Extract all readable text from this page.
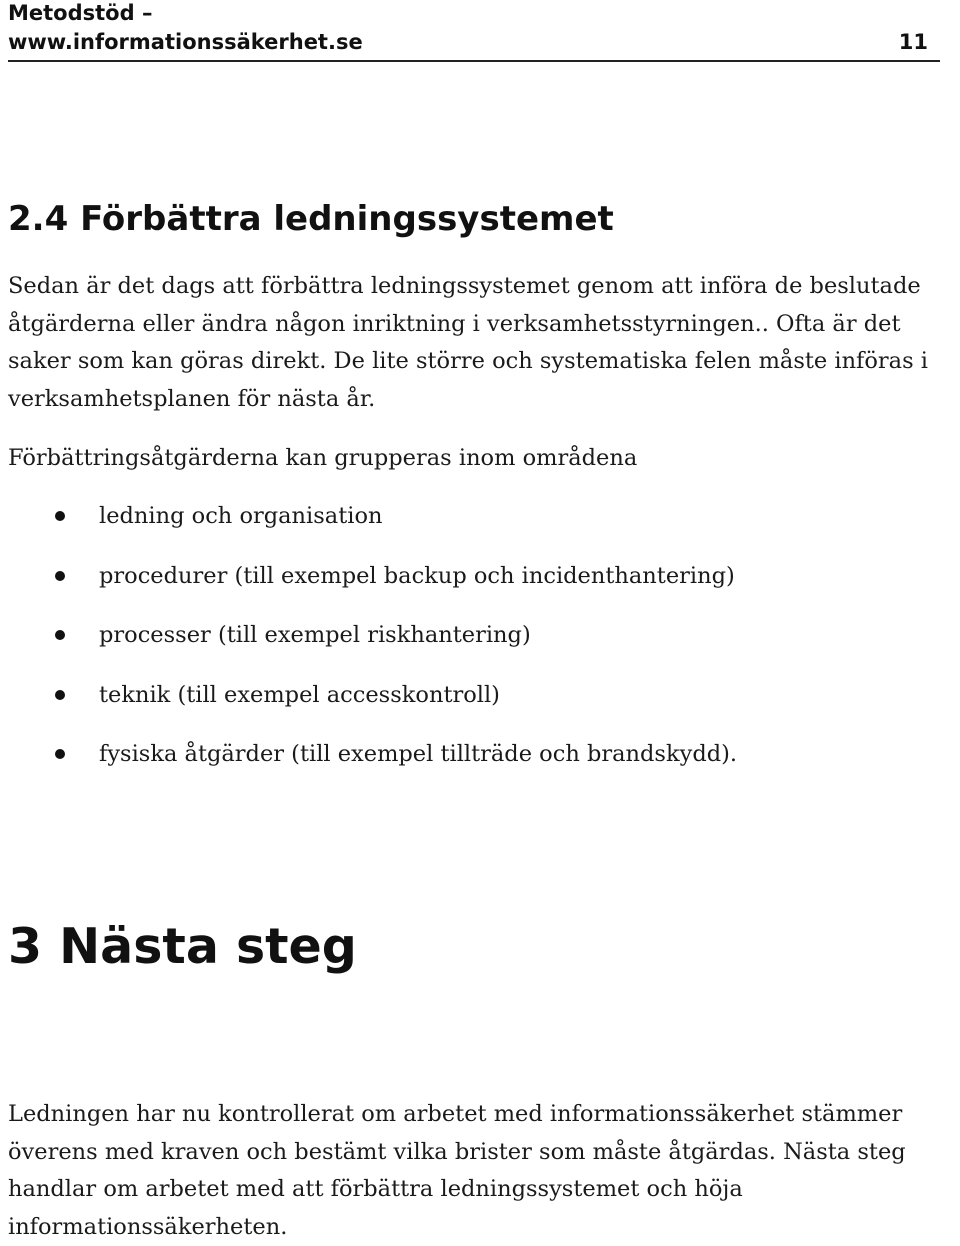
Metodstöd –
www.informationssäkerhet.se	11
2.4 Förbättra ledningssystemet

Sedan är det dags att förbättra ledningssystemet genom att införa de beslutade
åtgärderna eller ändra någon inriktning i verksamhetsstyrningen.. Ofta är det
saker som kan göras direkt. De lite större och systematiska felen måste införas i
verksamhetsplanen för nästa år.

Förbättringsåtgärderna kan grupperas inom områdena

ledning och organisation
procedurer (till exempel backup och incidenthantering)
processer (till exempel riskhantering)
teknik (till exempel accesskontroll)
fysiska åtgärder (till exempel tillträde och brandskydd).
3 Nästa steg

Ledningen har nu kontrollerat om arbetet med informationssäkerhet stämmer
överens med kraven och bestämt vilka brister som måste åtgärdas. Nästa steg
handlar om arbetet med att förbättra ledningssystemet och höja
informationssäkerheten.
